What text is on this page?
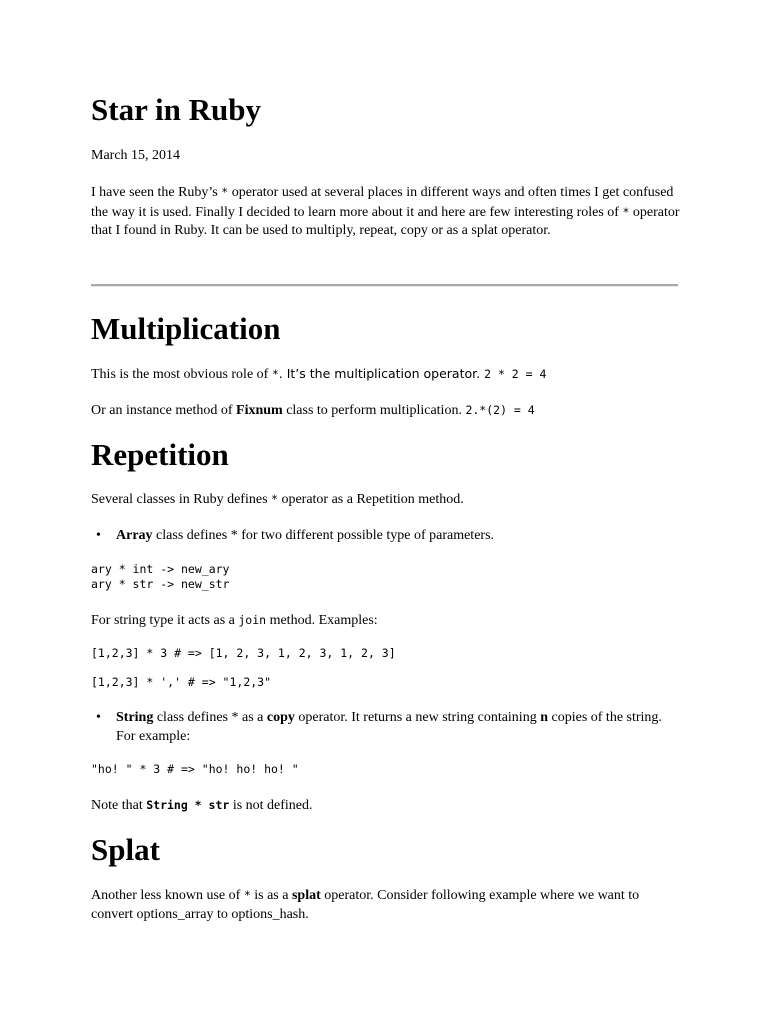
Star in Ruby
March 15, 2014

I have seen the Ruby’s * operator used at several places in different ways and often times I get confused the way it is used. Finally I decided to learn more about it and here are few interesting roles of * operator that I found in Ruby. It can be used to multiply, repeat, copy or as a splat operator.

Multiplication

This is the most obvious role of *. It’s the multiplication operator. 2 * 2 = 4

Or an instance method of Fixnum class to perform multiplication. 2.*(2) = 4

Repetition

Several classes in Ruby defines * operator as a Repetition method.

• Array class defines * for two different possible type of parameters.
ary * int -> new_ary
ary * str -> new_str

For string type it acts as a join method. Examples:

[1,2,3] * 3 # => [1, 2, 3, 1, 2, 3, 1, 2, 3]
[1,2,3] * ',' # => "1,2,3"
• String class defines * as a copy operator. It returns a new string containing n copies of the string. For example:
"ho! " * 3 # => "ho! ho! ho! "

Note that String * str is not defined.

Splat

Another less known use of * is as a splat operator. Consider following example where we want to convert options_array to options_hash.
